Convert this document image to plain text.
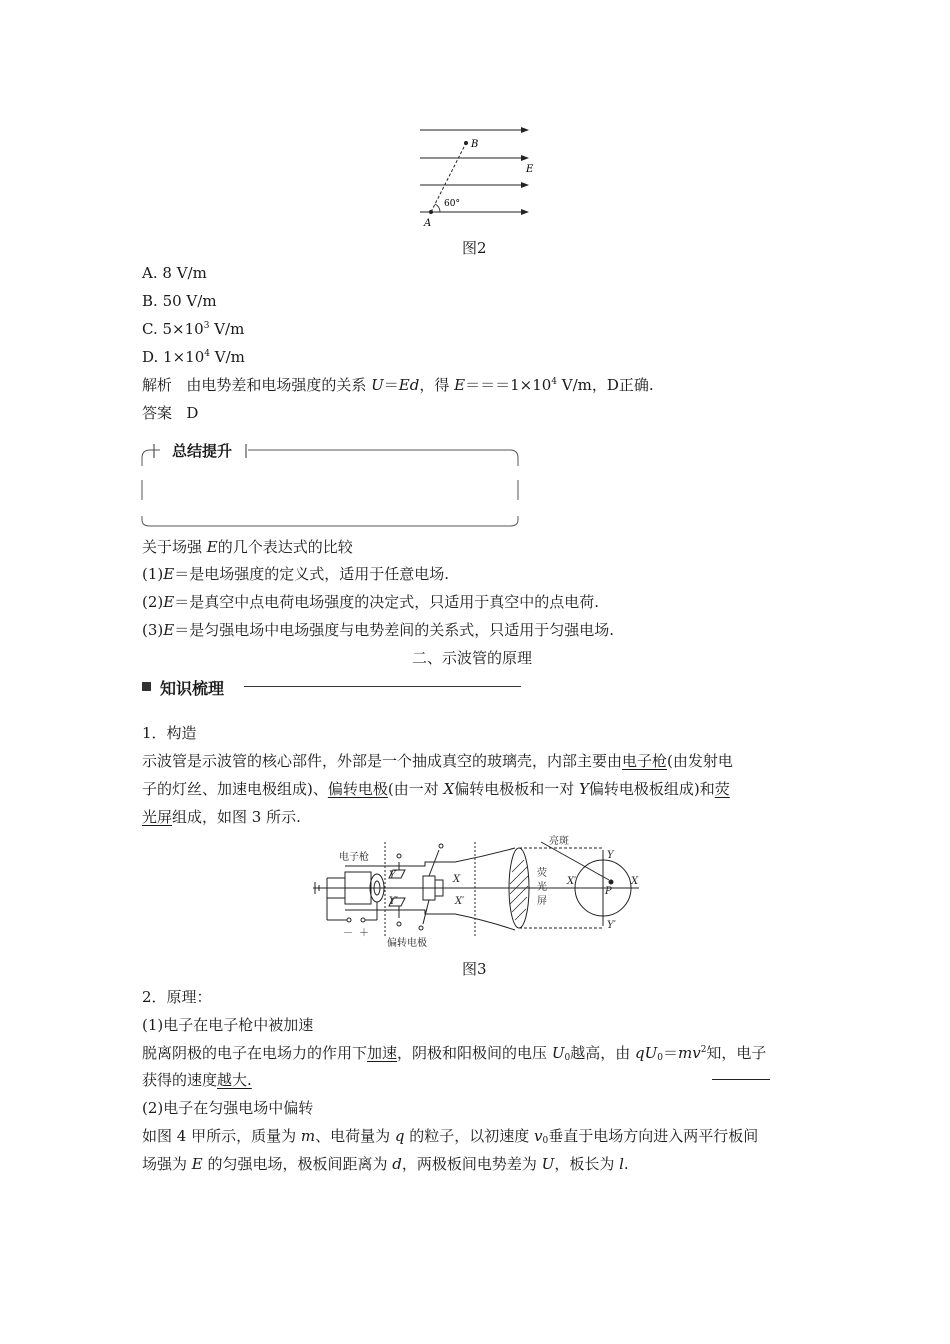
B
E
A
60°
图2
A. 8 V/m
B. 50 V/m
C. $5\times 10^3$ V/m
D. $1\times 10^4$ V/m
解析 由电势差和电场强度的关系 U＝Ed，得 $E===1\times 10^4$ V/m，D正确.
答案 D
总结提升
关于场强 E的几个表达式的比较
(1)E＝是电场强度的定义式，适用于任意电场.
(2)E＝是真空中点电荷电场强度的决定式，只适用于真空中的点电荷.
(3)E＝是匀强电场中电场强度与电势差间的关系式，只适用于匀强电场.
二、示波管的原理
知识梳理
1．构造
示波管是示波管的核心部件，外部是一个抽成真空的玻璃壳，内部主要由电子枪(由发射电
子的灯丝、加速电极组成)、偏转电极(由一对 X偏转电极板和一对 Y偏转电极板组成)和荧
光屏组成，如图 3 所示.
电子枪
亮斑
荧
光
屏
偏转电极
－ ＋
Y
Y′
X
X′
Y
Y′
X
X′
P
图3
2．原理：
(1)电子在电子枪中被加速
脱离阴极的电子在电场力的作用下加速，阴极和阳极间的电压 $U_0$越高，由 $qU_0=mv^2$知，电子
获得的速度越大.
(2)电子在匀强电场中偏转
如图 4 甲所示，质量为 m、电荷量为 q 的粒子，以初速度 $v_0$垂直于电场方向进入两平行板间
场强为 E 的匀强电场，极板间距离为 d，两极板间电势差为 U，板长为 l.
